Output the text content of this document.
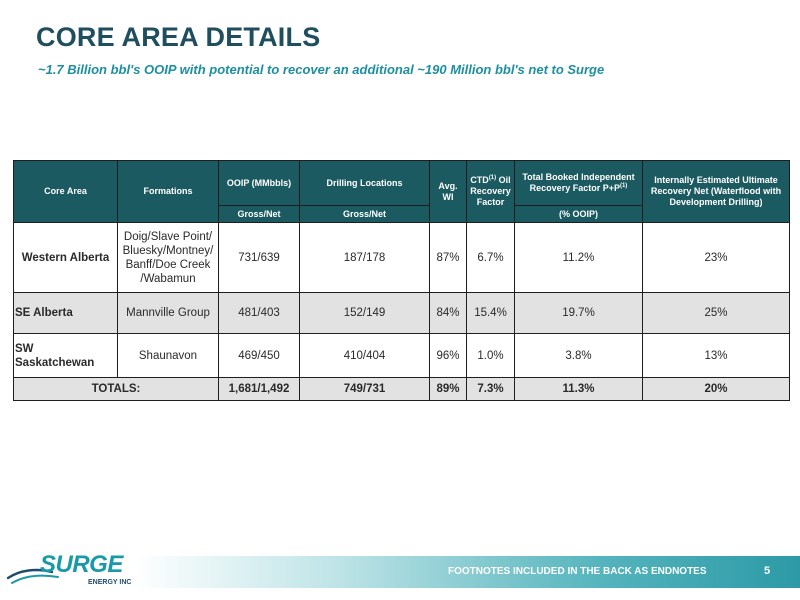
CORE AREA DETAILS
~1.7 Billion bbl's OOIP with potential to recover an additional ~190 Million bbl's net to Surge
Core Area	Formations	OOIP (MMbbls)	Drilling Locations	Avg. WI	CTD$^{(1)}$ Oil Recovery Factor	Total Booked Independent Recovery Factor $P+P^{(1)}$	Internally Estimated Ultimate Recovery Net (Waterflood with Development Drilling)
		Gross/Net	Gross/Net			(% OOIP)	
Western Alberta	Doig/Slave Point/ Bluesky/Montney/ Banff/Doe Creek /Wabamun	731/639	187/178	87%	6.7%	11.2%	23%
SE Alberta	Mannville Group	481/403	152/149	84%	15.4%	19.7%	25%
SW Saskatchewan	Shaunavon	469/450	410/404	96%	1.0%	3.8%	13%
TOTALS:		1,681/1,492	749/731	89%	7.3%	11.3%	20%
FOOTNOTES INCLUDED IN THE BACK AS ENDNOTES	5
SURGE
ENERGY INC
